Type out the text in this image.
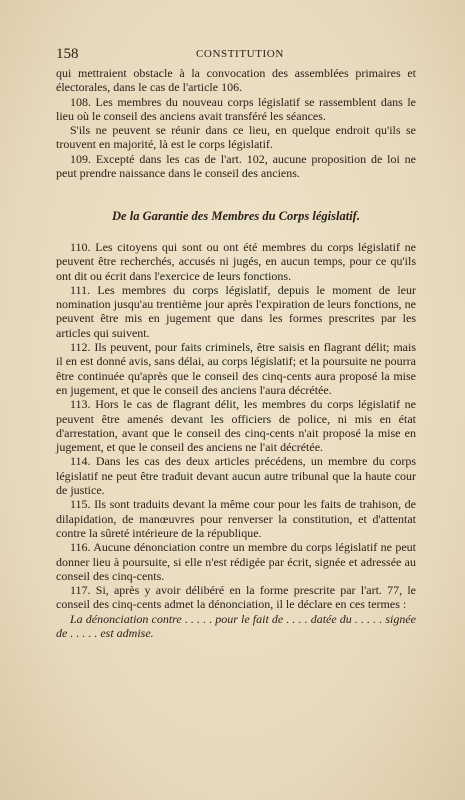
158	CONSTITUTION

qui mettraient obstacle à la convocation des assemblées primaires et électorales, dans le cas de l'article 106.

108. Les membres du nouveau corps législatif se rassemblent dans le lieu où le conseil des anciens avait transféré les séances.

S'ils ne peuvent se réunir dans ce lieu, en quelque endroit qu'ils se trouvent en majorité, là est le corps législatif.

109. Excepté dans les cas de l'art. 102, aucune proposition de loi ne peut prendre naissance dans le conseil des anciens.

De la Garantie des Membres du Corps législatif.

110. Les citoyens qui sont ou ont été membres du corps législatif ne peuvent être recherchés, accusés ni jugés, en aucun temps, pour ce qu'ils ont dit ou écrit dans l'exercice de leurs fonctions.

111. Les membres du corps législatif, depuis le moment de leur nomination jusqu'au trentième jour après l'expiration de leurs fonctions, ne peuvent être mis en jugement que dans les formes prescrites par les articles qui suivent.

112. Ils peuvent, pour faits criminels, être saisis en flagrant délit; mais il en est donné avis, sans délai, au corps législatif; et la poursuite ne pourra être continuée qu'après que le conseil des cinq-cents aura proposé la mise en jugement, et que le conseil des anciens l'aura décrétée.

113. Hors le cas de flagrant délit, les membres du corps législatif ne peuvent être amenés devant les officiers de police, ni mis en état d'arrestation, avant que le conseil des cinq-cents n'ait proposé la mise en jugement, et que le conseil des anciens ne l'ait décrétée.

114. Dans les cas des deux articles précédens, un membre du corps législatif ne peut être traduit devant aucun autre tribunal que la haute cour de justice.

115. Ils sont traduits devant la même cour pour les faits de trahison, de dilapidation, de manœuvres pour renverser la constitution, et d'attentat contre la sûreté intérieure de la république.

116. Aucune dénonciation contre un membre du corps législatif ne peut donner lieu à poursuite, si elle n'est rédigée par écrit, signée et adressée au conseil des cinq-cents.

117. Si, après y avoir délibéré en la forme prescrite par l'art. 77, le conseil des cinq-cents admet la dénonciation, il le déclare en ces termes :

La dénonciation contre . . . . . pour le fait de . . . . datée du . . . . . signée de . . . . . est admise.
